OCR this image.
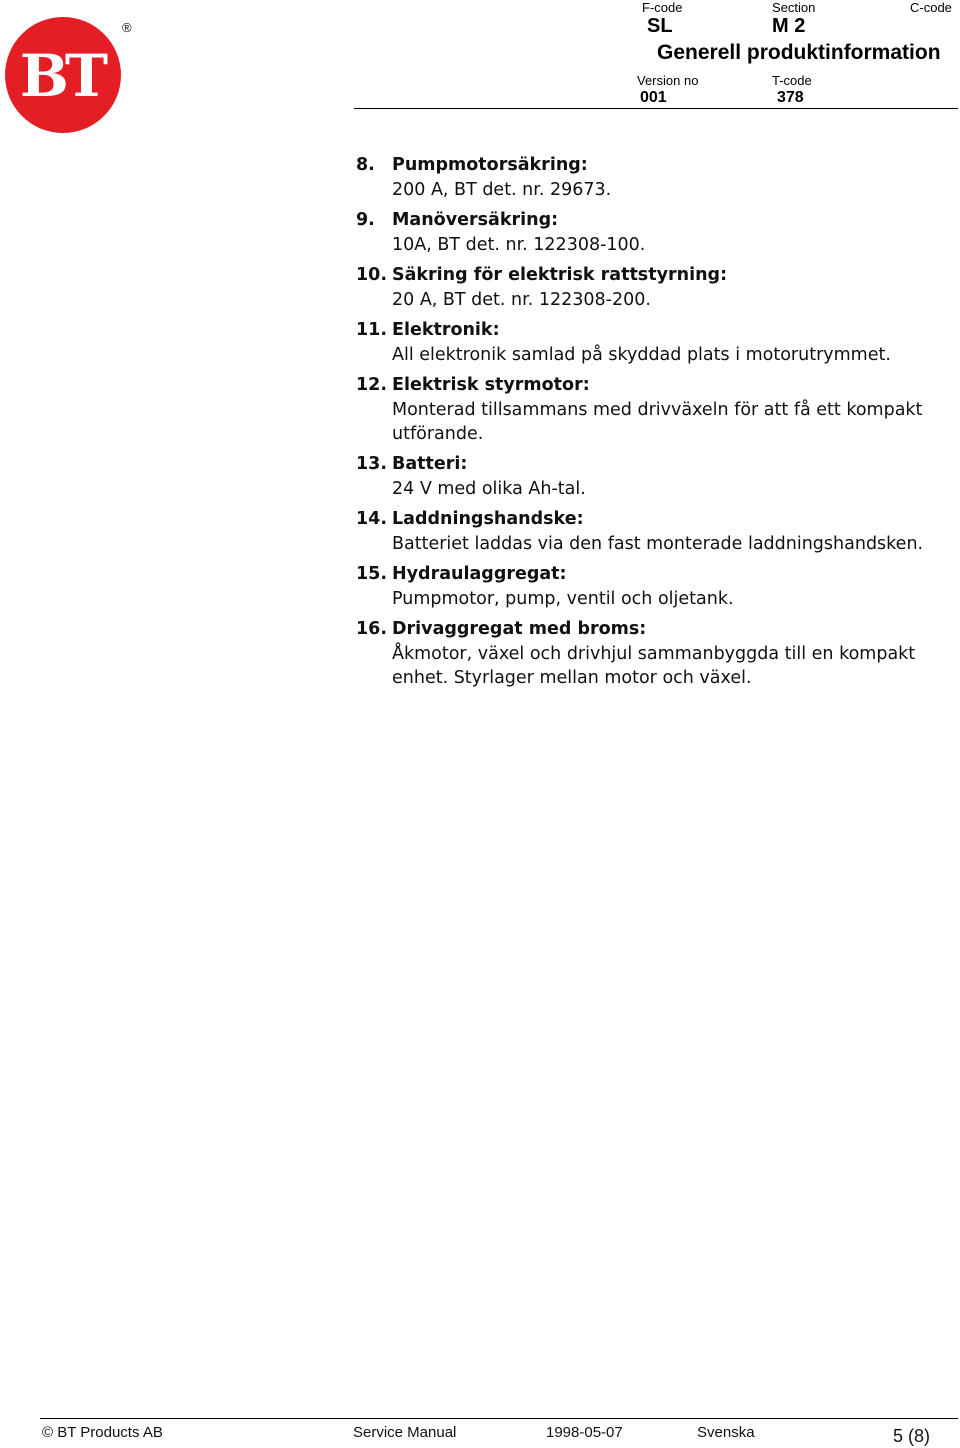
BT
®
F-code	Section	C-code
SL	M 2
Generell produktinformation
Version no	T-code
001	378
8. Pumpmotorsäkring:
200 A, BT det. nr. 29673.
9. Manöversäkring:
10A, BT det. nr. 122308-100.
10. Säkring för elektrisk rattstyrning:
20 A, BT det. nr. 122308-200.
11. Elektronik:
All elektronik samlad på skyddad plats i motorutrymmet.
12. Elektrisk styrmotor:
Monterad tillsammans med drivväxeln för att få ett kompakt utförande.
13. Batteri:
24 V med olika Ah-tal.
14. Laddningshandske:
Batteriet laddas via den fast monterade laddningshandsken.
15. Hydraulaggregat:
Pumpmotor, pump, ventil och oljetank.
16. Drivaggregat med broms:
Åkmotor, växel och drivhjul sammanbyggda till en kompakt enhet. Styrlager mellan motor och växel.
© BT Products AB	Service Manual	1998-05-07	Svenska	5 (8)
